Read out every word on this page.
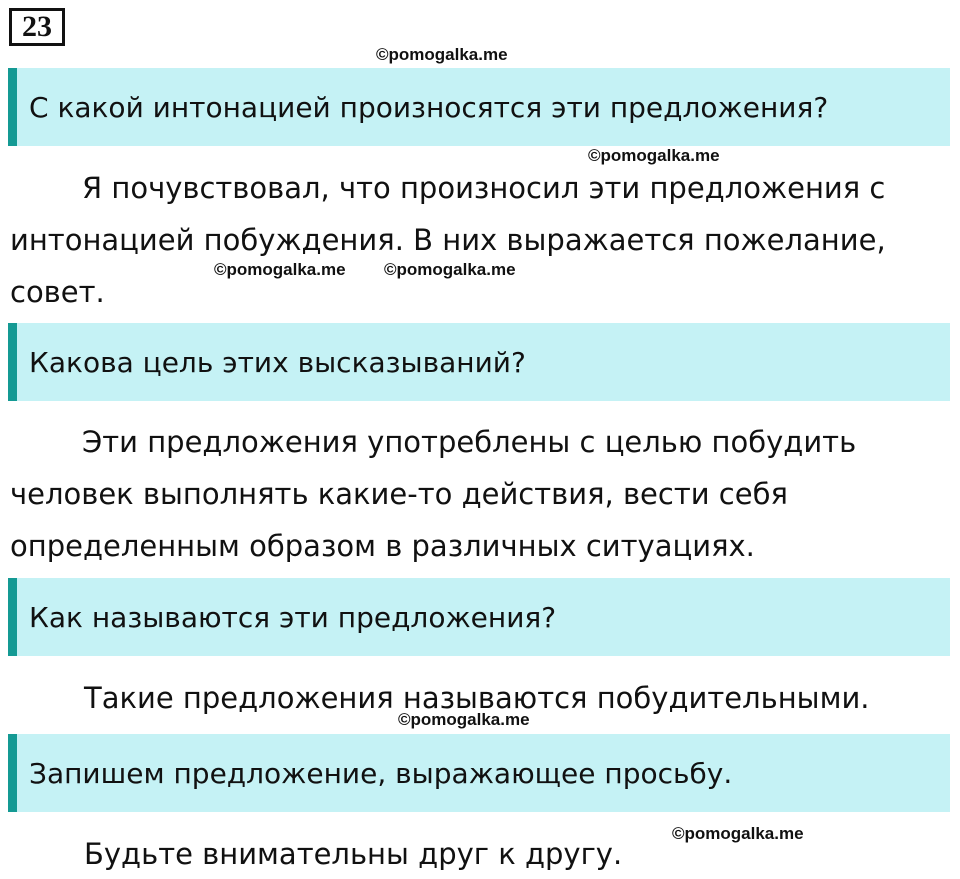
23
©pomogalka.me
С какой интонацией произносятся эти предложения?
©pomogalka.me
Я почувствовал, что произносил эти предложения с
интонацией побуждения. В них выражается пожелание,
совет.
©pomogalka.me ©pomogalka.me
Какова цель этих высказываний?
Эти предложения употреблены с целью побудить
человек выполнять какие-то действия, вести себя
определенным образом в различных ситуациях.
Как называются эти предложения?
Такие предложения называются побудительными.
©pomogalka.me
Запишем предложение, выражающее просьбу.
©pomogalka.me
Будьте внимательны друг к другу.
